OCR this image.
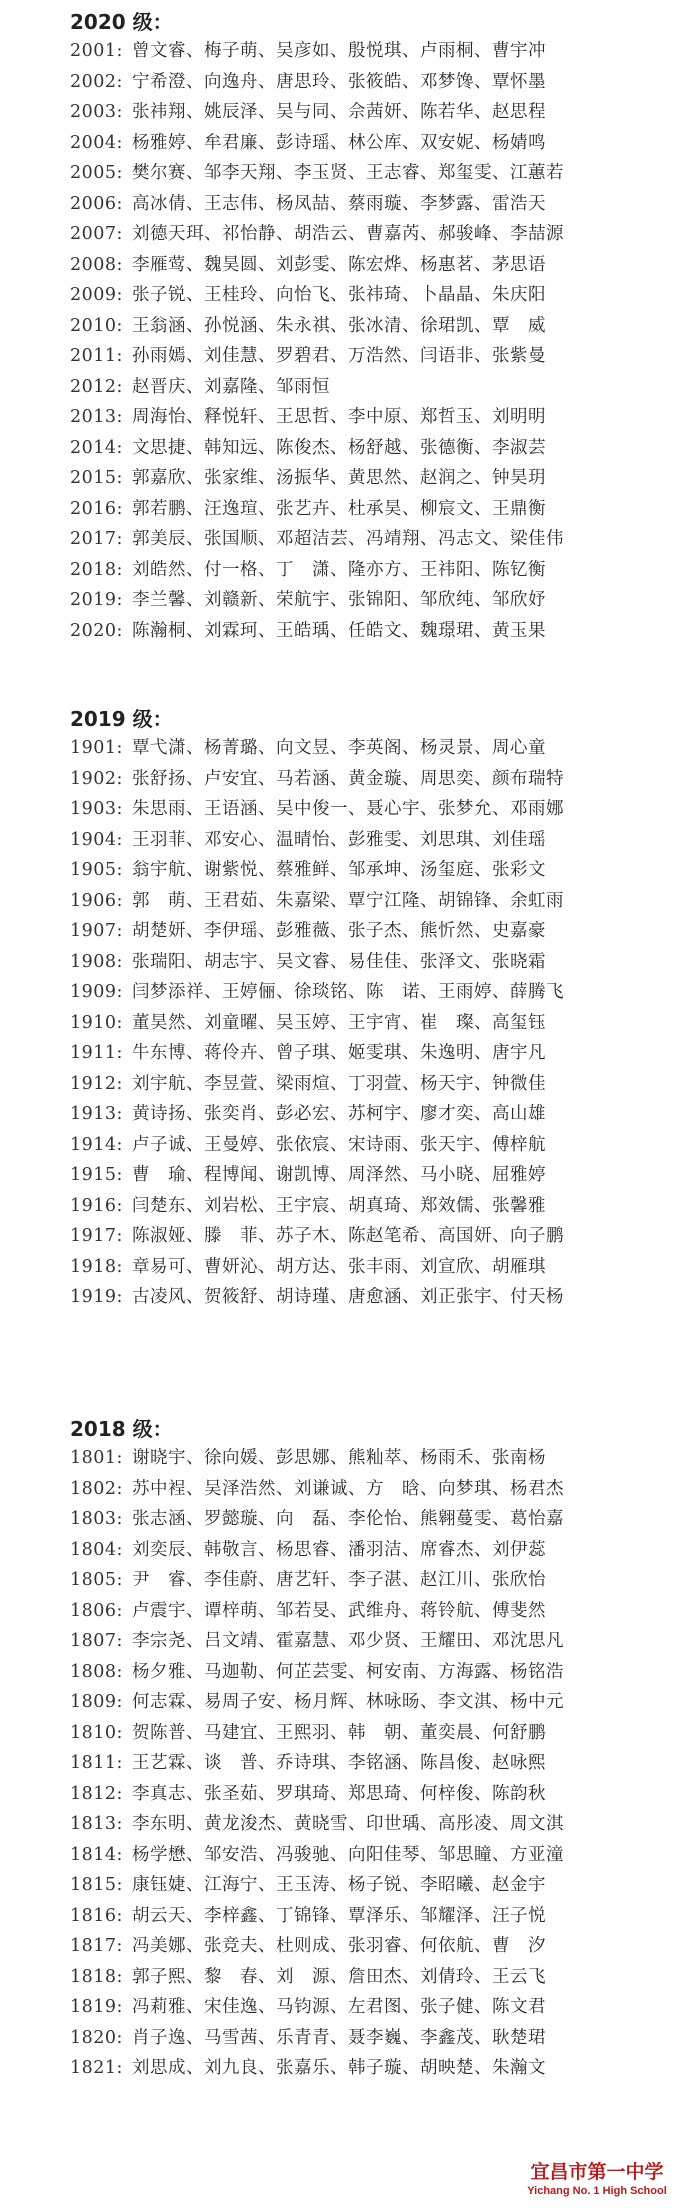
2020 级：
2001: 曾文睿、梅子萌、吴彦如、殷悦琪、卢雨桐、曹宇冲
2002: 宁希澄、向逸舟、唐思玲、张筱皓、邓梦馋、覃怀墨
2003: 张祎翔、姚辰泽、吴与同、佘茜妍、陈若华、赵思程
2004: 杨雅婷、牟君廉、彭诗瑶、林公库、双安妮、杨婧鸣
2005: 樊尔赛、邹李天翔、李玉贤、王志睿、郑玺雯、江蕙若
2006: 高冰倩、王志伟、杨凤喆、蔡雨璇、李梦露、雷浩天
2007: 刘德天珥、祁怡静、胡浩云、曹嘉芮、郝骏峰、李喆源
2008: 李雁莺、魏昊圆、刘彭雯、陈宏烨、杨惠茗、茅思语
2009: 张子锐、王桂玲、向怡飞、张祎琦、卜晶晶、朱庆阳
2010: 王翁涵、孙悦涵、朱永祺、张冰清、徐珺凯、覃　威
2011: 孙雨嫣、刘佳慧、罗碧君、万浩然、闫语非、张紫曼
2012: 赵晋庆、刘嘉隆、邹雨恒
2013: 周海怡、释悦轩、王思哲、李中原、郑哲玉、刘明明
2014: 文思捷、韩知远、陈俊杰、杨舒越、张德衡、李淑芸
2015: 郭嘉欣、张家维、汤振华、黄思然、赵润之、钟昊玥
2016: 郭若鹏、汪逸瑄、张艺卉、杜承昊、柳宸文、王鼎衡
2017: 郭美辰、张国顺、邓超洁芸、冯靖翔、冯志文、梁佳伟
2018: 刘皓然、付一格、丁　潇、隆亦方、王祎阳、陈钇衡
2019: 李兰馨、刘赣新、荣航宇、张锦阳、邹欣纯、邹欣妤
2020: 陈瀚桐、刘霖珂、王皓瑀、任皓文、魏璟珺、黄玉果
2019 级：
1901: 覃弋潇、杨菁璐、向文昱、李英阁、杨灵景、周心童
1902: 张舒扬、卢安宜、马若涵、黄金璇、周思奕、颜布瑞特
1903: 朱思雨、王语涵、吴中俊一、聂心宇、张梦允、邓雨娜
1904: 王羽菲、邓安心、温晴怡、彭雅雯、刘思琪、刘佳瑶
1905: 翁宇航、谢紫悦、蔡雅鲜、邹承坤、汤玺庭、张彩文
1906: 郭　萌、王君茹、朱嘉梁、覃宁江隆、胡锦锋、余虹雨
1907: 胡楚妍、李伊瑶、彭雅薇、张子杰、熊忻然、史嘉豪
1908: 张瑞阳、胡志宇、吴文睿、易佳佳、张泽文、张晓霜
1909: 闫梦添祥、王婷俪、徐琰铭、陈　诺、王雨婷、薛腾飞
1910: 董昊然、刘童曜、吴玉婷、王宇宵、崔　璨、高玺钰
1911: 牛东博、蒋伶卉、曾子琪、姬雯琪、朱逸明、唐宇凡
1912: 刘宇航、李昱萱、梁雨煊、丁羽萱、杨天宇、钟微佳
1913: 黄诗扬、张奕肖、彭必宏、苏柯宇、廖才奕、高山雄
1914: 卢子诚、王曼婷、张依宸、宋诗雨、张天宇、傅梓航
1915: 曹　瑜、程博闻、谢凯博、周泽然、马小晓、屈雅婷
1916: 闫楚东、刘岩松、王宇宸、胡真琦、郑效儒、张馨雅
1917: 陈淑娅、滕　菲、苏子木、陈赵笔希、高国妍、向子鹏
1918: 章易可、曹妍沁、胡方达、张丰雨、刘宣欣、胡雁琪
1919: 古凌风、贺筱舒、胡诗瑾、唐愈涵、刘正张宇、付天杨
2018 级：
1801: 谢晓宇、徐向媛、彭思娜、熊籼萃、杨雨禾、张南杨
1802: 苏中裎、吴泽浩然、刘谦诚、方　晗、向梦琪、杨君杰
1803: 张志涵、罗懿璇、向　磊、李伦怡、熊翱蔓雯、葛怡嘉
1804: 刘奕辰、韩敬言、杨思睿、潘羽洁、席睿杰、刘伊蕊
1805: 尹　睿、李佳蔚、唐艺轩、李子湛、赵江川、张欣怡
1806: 卢震宇、谭梓萌、邹若旻、武维舟、蒋铃航、傅斐然
1807: 李宗尧、吕文靖、霍嘉慧、邓少贤、王耀田、邓沈思凡
1808: 杨夕雅、马迦勒、何芷芸雯、柯安南、方海露、杨铭浩
1809: 何志霖、易周子安、杨月辉、林咏旸、李文淇、杨中元
1810: 贺陈普、马建宜、王熙羽、韩　朝、董奕晨、何舒鹏
1811: 王艺霖、谈　普、乔诗琪、李铭涵、陈昌俊、赵咏熙
1812: 李真志、张圣茹、罗琪琦、郑思琦、何梓俊、陈韵秋
1813: 李东明、黄龙浚杰、黄晓雪、印世瑀、高彤凌、周文淇
1814: 杨学懋、邹安浩、冯骏驰、向阳佳琴、邹思瞳、方亚潼
1815: 康钰婕、江海宁、王玉涛、杨子锐、李昭曦、赵金宇
1816: 胡云天、李梓鑫、丁锦锋、覃泽乐、邹耀泽、汪子悦
1817: 冯美娜、张竞夫、杜则成、张羽睿、何依航、曹　汐
1818: 郭子熙、黎　春、刘　源、詹田杰、刘倩玲、王云飞
1819: 冯莉雅、宋佳逸、马钧源、左君图、张子健、陈文君
1820: 肖子逸、马雪茜、乐青青、聂李巍、李鑫茂、耿楚珺
1821: 刘思成、刘九良、张嘉乐、韩子璇、胡映楚、朱瀚文
宜昌市第一中学
Yichang No. 1 High School
